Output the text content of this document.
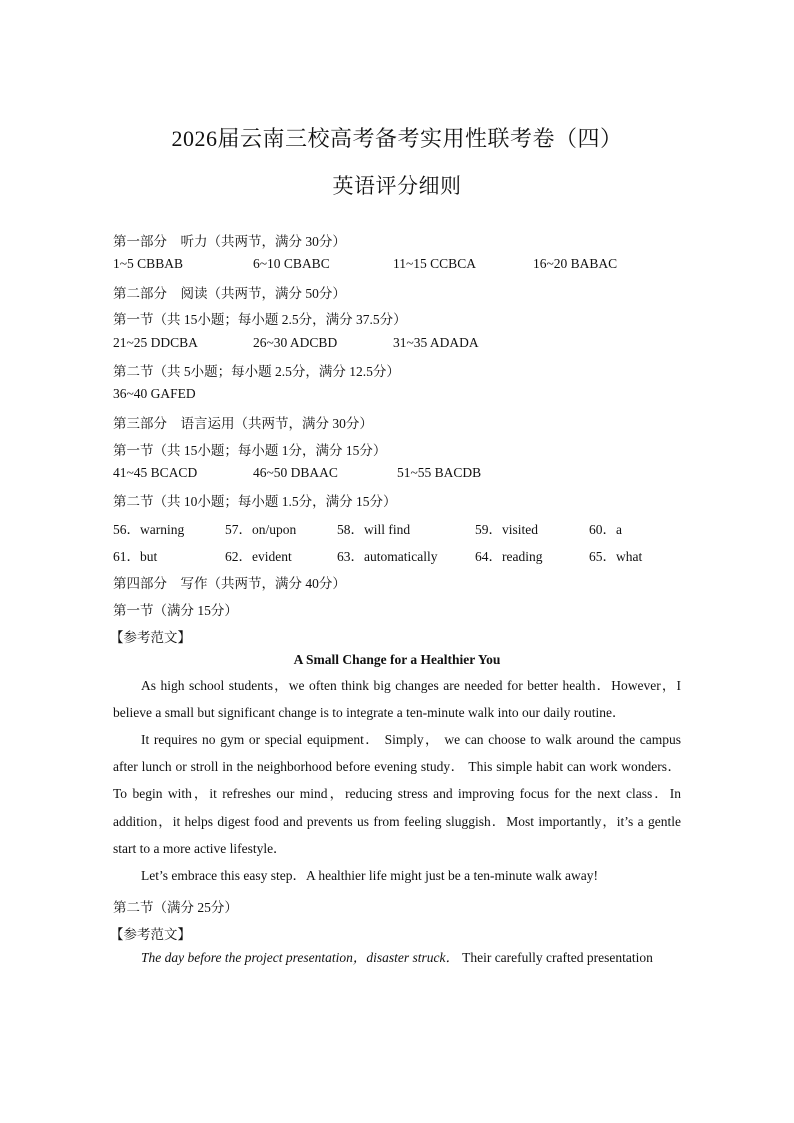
2026届云南三校高考备考实用性联考卷（四）
英语评分细则
第一部分　听力（共两节，满分 30分）
1~5 CBBAB	6~10 CBABC	11~15 CCBCA	16~20 BABAC
第二部分　阅读（共两节，满分 50分）
第一节（共 15小题；每小题 2.5分，满分 37.5分）
21~25 DDCBA	26~30 ADCBD	31~35 ADADA
第二节（共 5小题；每小题 2.5分，满分 12.5分）
36~40 GAFED
第三部分　语言运用（共两节，满分 30分）
第一节（共 15小题；每小题 1分，满分 15分）
41~45 BCACD	46~50 DBAAC	51~55 BACDB
第二节（共 10小题；每小题 1.5分，满分 15分）
56．warning	57．on/upon	58．will find	59．visited	60．a
61．but	62．evident	63．automatically	64．reading	65．what
第四部分　写作（共两节，满分 40分）
第一节（满分 15分）
【参考范文】
A Small Change for a Healthier You
As high school students，we often think big changes are needed for better health．However，I believe a small but significant change is to integrate a ten-minute walk into our daily routine．
It requires no gym or special equipment． Simply， we can choose to walk around the campus after lunch or stroll in the neighborhood before evening study． This simple habit can work wonders． To begin with，it refreshes our mind，reducing stress and improving focus for the next class．In addition，it helps digest food and prevents us from feeling sluggish．Most importantly，it’s a gentle start to a more active lifestyle．
Let’s embrace this easy step．A healthier life might just be a ten-minute walk away!
第二节（满分 25分）
【参考范文】
The day before the project presentation，disaster struck． Their carefully crafted presentation
